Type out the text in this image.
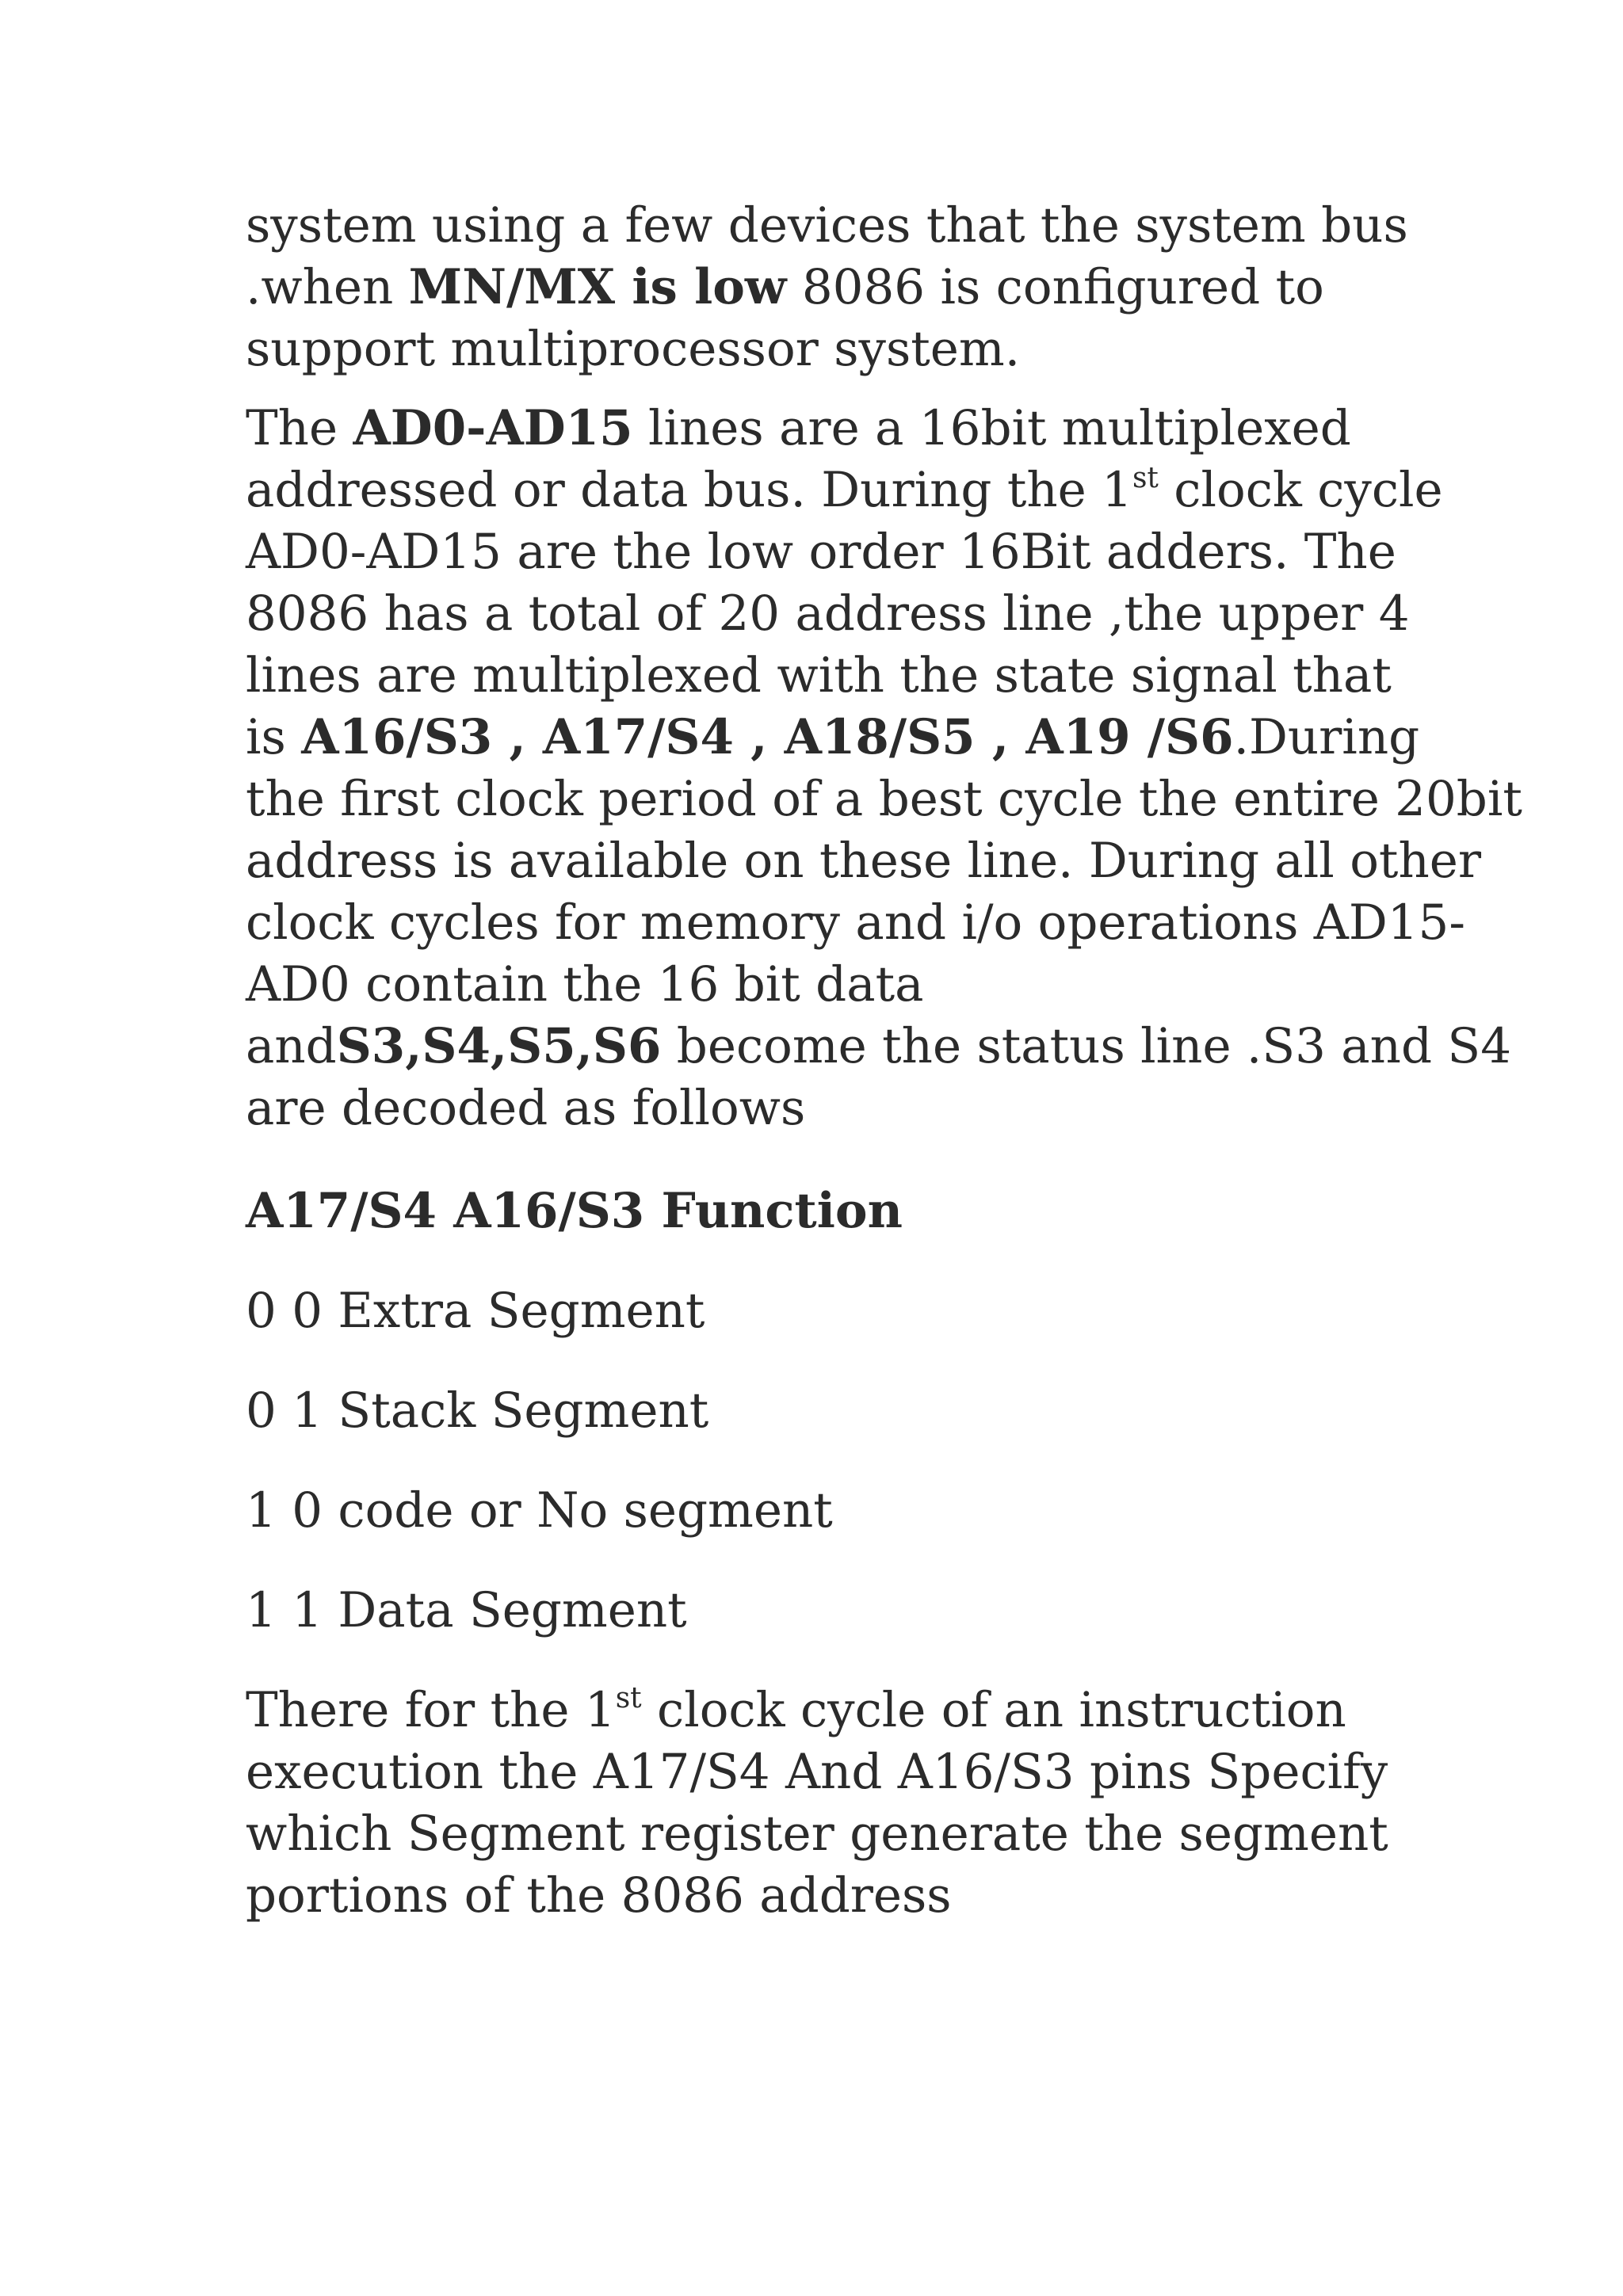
system using a few devices that the system bus
.when MN/MX is low 8086 is configured to
support multiprocessor system.

The AD0-AD15 lines are a 16bit multiplexed
addressed or data bus. During the 1st clock cycle
AD0-AD15 are the low order 16Bit adders. The
8086 has a total of 20 address line ,the upper 4
lines are multiplexed with the state signal that
is A16/S3 , A17/S4 , A18/S5 , A19 /S6.During
the first clock period of a best cycle the entire 20bit
address is available on these line. During all other
clock cycles for memory and i/o operations AD15-
AD0 contain the 16 bit data
andS3,S4,S5,S6 become the status line .S3 and S4
are decoded as follows

A17/S4 A16/S3 Function

0 0 Extra Segment

0 1 Stack Segment

1 0 code or No segment

1 1 Data Segment

There for the 1st clock cycle of an instruction
execution the A17/S4 And A16/S3 pins Specify
which Segment register generate the segment
portions of the 8086 address
